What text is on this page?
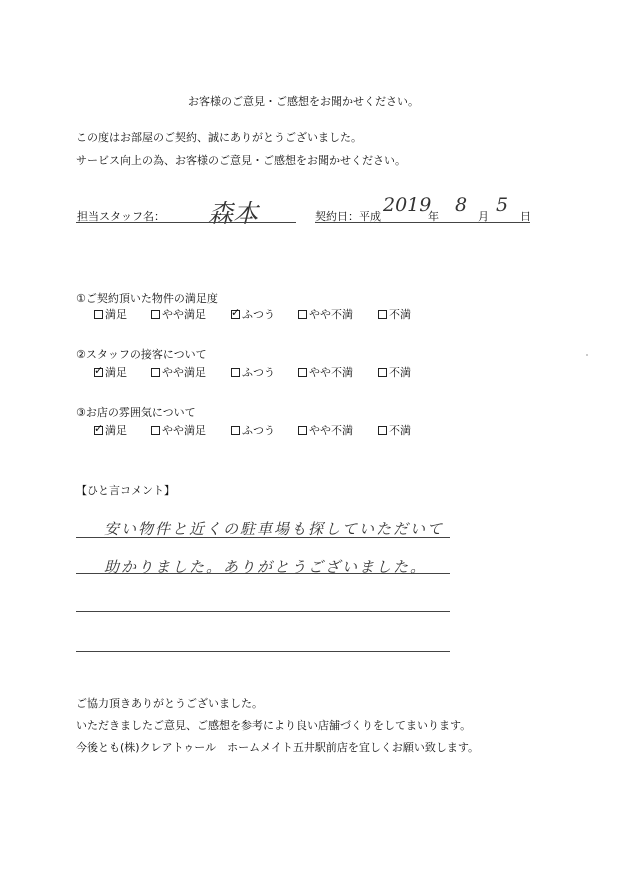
お客様のご意見・ご感想をお聞かせください。
この度はお部屋のご契約、誠にありがとうございました。
サービス向上の為、お客様のご意見・ご感想をお聞かせください。
担当スタッフ名： 森本	契約日：平成
2019
年
8
月
5
日
①ご契約頂いた物件の満足度
満足	やや満足
✓	ふつう	やや不満	不満
②スタッフの接客について
✓満足	やや満足	ふつう	やや不満	不満
③お店の雰囲気について
✓満足	やや満足	ふつう	やや不満	不満
【ひと言コメント】
安い物件と近くの駐車場も探していただいて
助かりました。ありがとうございました。
ご協力頂きありがとうございました。
いただきましたご意見、ご感想を参考により良い店舗づくりをしてまいります。
今後とも(株)クレアトゥール　ホームメイト五井駅前店を宜しくお願い致します。
